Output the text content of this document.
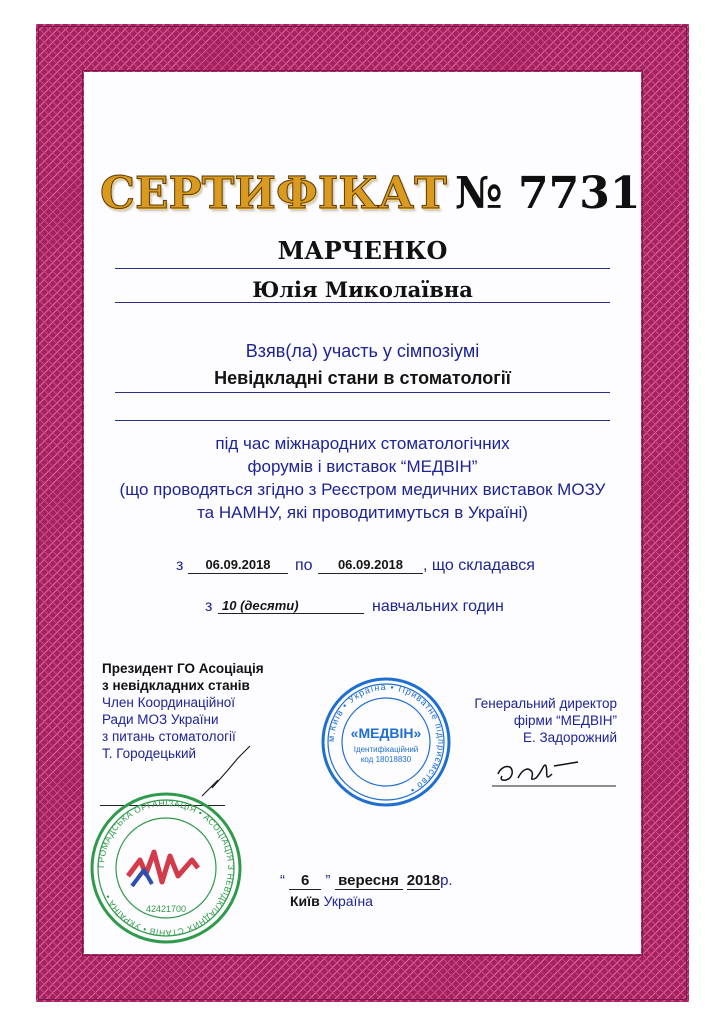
СЕРТИФІКАТ № 7731
МАРЧЕНКО
Юлія Миколаївна
Взяв(ла) участь у сімпозіумі
Невідкладні стани в стоматології
під час міжнародних стоматологічних
форумів і виставок “МЕДВІН”
(що проводяться згідно з Реєстром медичних виставок МОЗУ
та НАМНУ, які проводитимуться в Україні)
з	06.09.2018	по	06.09.2018	, що складався
з 10 (десяти)	навчальних годин
Президент ГО Асоціація
з невідкладних станів
Член Координаційної
Ради МОЗ України
з питань стоматології
Т. Городецький
Генеральний директор
фірми “МЕДВІН”
Е. Задорожний
м.Київ • Україна • Приватне підприємство •
«МЕДВІН»
Ідентифікаційний
код 18018830
ГРОМАДСЬКА ОРГАНІЗАЦІЯ • АСОЦІАЦІЯ З НЕВІДКЛАДНИХ СТАНІВ • УКРАЇНА •
42421700
“ 6 ” вересня 2018р.
Київ Україна
